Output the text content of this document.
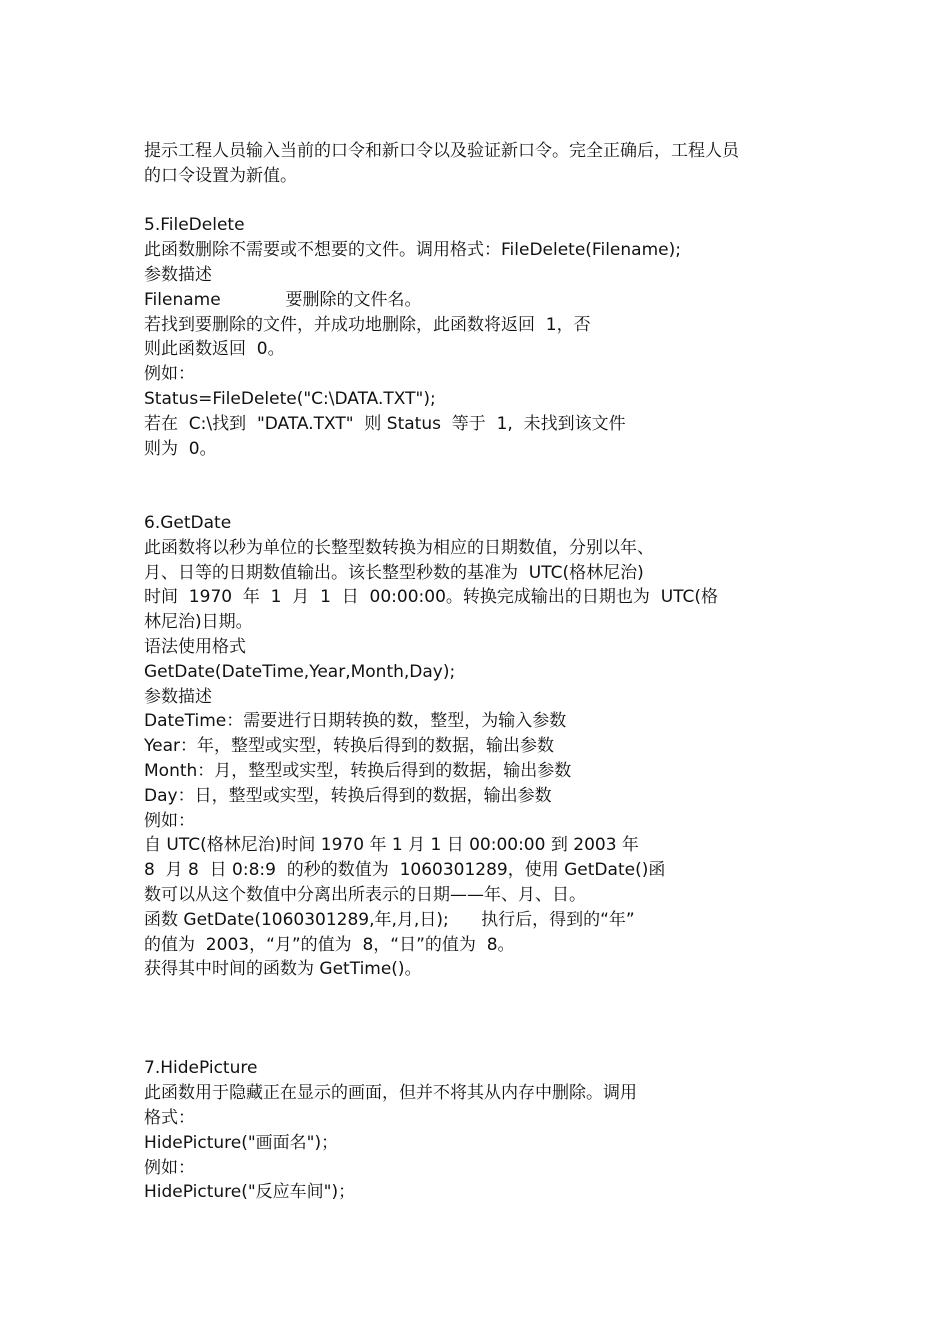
提示工程人员输入当前的口令和新口令以及验证新口令。完全正确后，工程人员
的口令设置为新值。
5.FileDelete
此函数删除不需要或不想要的文件。调用格式：FileDelete(Filename);
参数描述
Filename            要删除的文件名。
若找到要删除的文件，并成功地删除，此函数将返回  1，否
则此函数返回  0。
例如：
Status=FileDelete("C:\DATA.TXT");
若在  C:\找到  "DATA.TXT"  则 Status  等于  1,  未找到该文件
则为  0。
6.GetDate
此函数将以秒为单位的长整型数转换为相应的日期数值，分别以年、
月、日等的日期数值输出。该长整型秒数的基准为  UTC(格林尼治)
时间  1970  年  1  月  1  日  00:00:00。转换完成输出的日期也为  UTC(格
林尼治)日期。
语法使用格式
GetDate(DateTime,Year,Month,Day);
参数描述
DateTime：需要进行日期转换的数，整型，为输入参数
Year：年，整型或实型，转换后得到的数据，输出参数
Month：月，整型或实型，转换后得到的数据，输出参数
Day：日，整型或实型，转换后得到的数据，输出参数
例如：
自 UTC(格林尼治)时间 1970 年 1 月 1 日 00:00:00 到 2003 年
8  月 8  日 0:8:9  的秒的数值为  1060301289，使用 GetDate()函
数可以从这个数值中分离出所表示的日期——年、月、日。
函数 GetDate(1060301289,年,月,日);      执行后，得到的“年”
的值为  2003，“月”的值为  8，“日”的值为  8。
获得其中时间的函数为 GetTime()。
7.HidePicture
此函数用于隐藏正在显示的画面，但并不将其从内存中删除。调用
格式：
HidePicture("画面名")；
例如：
HidePicture("反应车间")；
